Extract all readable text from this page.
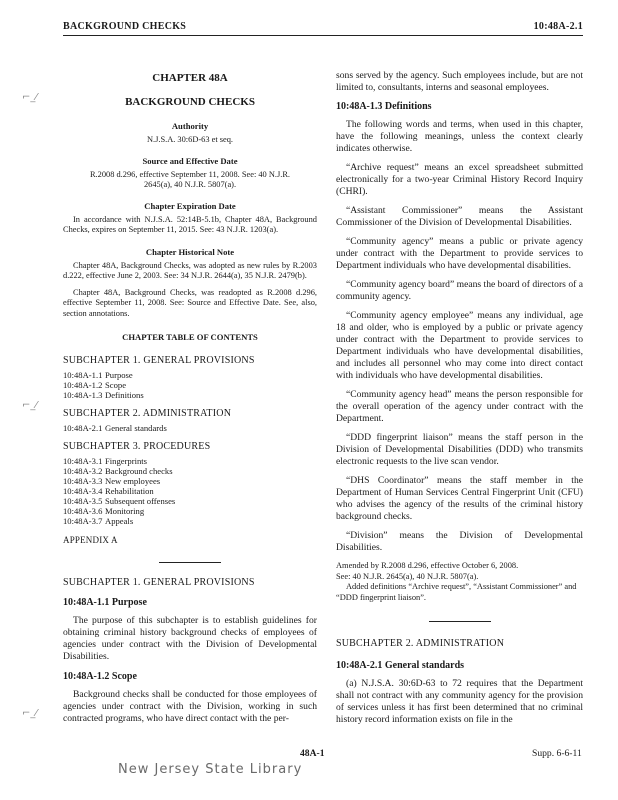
BACKGROUND CHECKS	10:48A-2.1
⌐_⁄
⌐_⁄
⌐_⁄
CHAPTER 48A
BACKGROUND CHECKS
Authority
N.J.S.A. 30:6D-63 et seq.
Source and Effective Date
R.2008 d.296, effective September 11, 2008. See: 40 N.J.R. 2645(a), 40 N.J.R. 5807(a).
Chapter Expiration Date
In accordance with N.J.S.A. 52:14B-5.1b, Chapter 48A, Background Checks, expires on September 11, 2015. See: 43 N.J.R. 1203(a).
Chapter Historical Note
Chapter 48A, Background Checks, was adopted as new rules by R.2003 d.222, effective June 2, 2003. See: 34 N.J.R. 2644(a), 35 N.J.R. 2479(b).
Chapter 48A, Background Checks, was readopted as R.2008 d.296, effective September 11, 2008. See: Source and Effective Date. See, also, section annotations.
CHAPTER TABLE OF CONTENTS
SUBCHAPTER 1. GENERAL PROVISIONS
10:48A-1.1	Purpose
10:48A-1.2	Scope
10:48A-1.3	Definitions
SUBCHAPTER 2. ADMINISTRATION
10:48A-2.1	General standards
SUBCHAPTER 3. PROCEDURES
10:48A-3.1	Fingerprints
10:48A-3.2	Background checks
10:48A-3.3	New employees
10:48A-3.4	Rehabilitation
10:48A-3.5	Subsequent offenses
10:48A-3.6	Monitoring
10:48A-3.7	Appeals
APPENDIX A
SUBCHAPTER 1. GENERAL PROVISIONS
10:48A-1.1 Purpose

The purpose of this subchapter is to establish guidelines for obtaining criminal history background checks of employees of agencies under contract with the Division of Developmental Disabilities.

10:48A-1.2 Scope

Background checks shall be conducted for those employees of agencies under contract with the Division, working in such contracted programs, who have direct contact with the per-

sons served by the agency. Such employees include, but are not limited to, consultants, interns and seasonal employees.

10:48A-1.3 Definitions

The following words and terms, when used in this chapter, have the following meanings, unless the context clearly indicates otherwise.

“Archive request” means an excel spreadsheet submitted electronically for a two-year Criminal History Record Inquiry (CHRI).

“Assistant Commissioner” means the Assistant Commissioner of the Division of Developmental Disabilities.

“Community agency” means a public or private agency under contract with the Department to provide services to Department individuals who have developmental disabilities.

“Community agency board” means the board of directors of a community agency.

“Community agency employee” means any individual, age 18 and older, who is employed by a public or private agency under contract with the Department to provide services to Department individuals who have developmental disabilities, and includes all personnel who may come into direct contact with individuals who have developmental disabilities.

“Community agency head” means the person responsible for the overall operation of the agency under contract with the Department.

“DDD fingerprint liaison” means the staff person in the Division of Developmental Disabilities (DDD) who transmits electronic requests to the live scan vendor.

“DHS Coordinator” means the staff member in the Department of Human Services Central Fingerprint Unit (CFU) who advises the agency of the results of the criminal history background checks.

“Division” means the Division of Developmental Disabilities.

Amended by R.2008 d.296, effective October 6, 2008.
See: 40 N.J.R. 2645(a), 40 N.J.R. 5807(a).
Added definitions “Archive request”, “Assistant Commissioner” and “DDD fingerprint liaison”.
SUBCHAPTER 2. ADMINISTRATION
10:48A-2.1 General standards

(a) N.J.S.A. 30:6D-63 to 72 requires that the Department shall not contract with any community agency for the provision of services unless it has first been determined that no criminal history record information exists on file in the

48A-1	Supp. 6-6-11
New Jersey State Library
